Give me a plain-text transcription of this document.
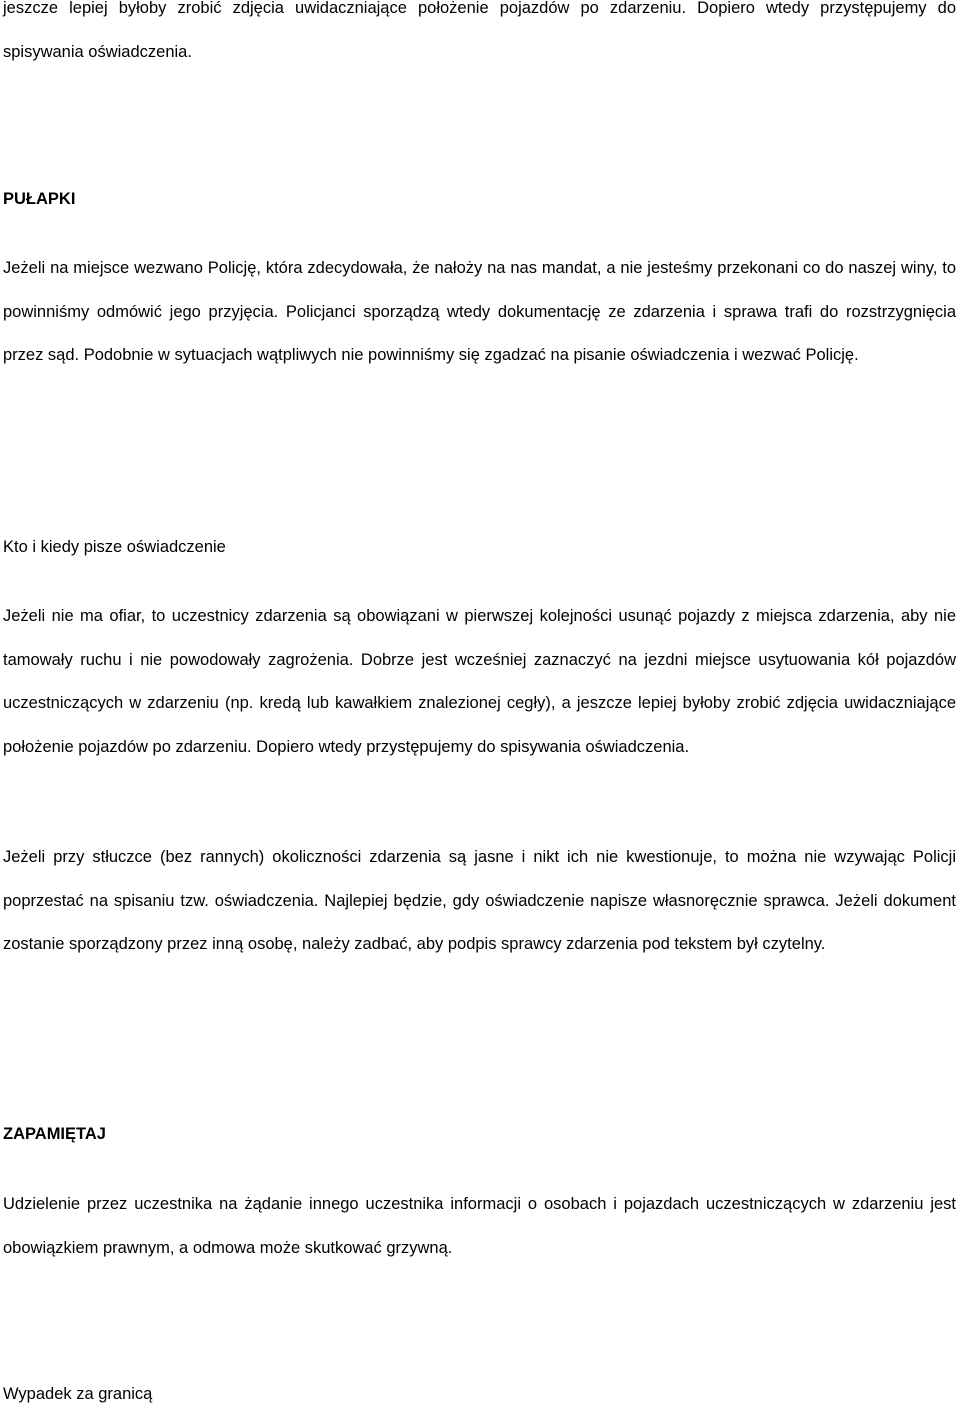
jeszcze lepiej byłoby zrobić zdjęcia uwidaczniające położenie pojazdów po zdarzeniu. Dopiero wtedy przystępujemy do spisywania oświadczenia.

PUŁAPKI

Jeżeli na miejsce wezwano Policję, która zdecydowała, że nałoży na nas mandat, a nie jesteśmy przekonani co do naszej winy, to powinniśmy odmówić jego przyjęcia. Policjanci sporządzą wtedy dokumentację ze zdarzenia i sprawa trafi do rozstrzygnięcia przez sąd. Podobnie w sytuacjach wątpliwych nie powinniśmy się zgadzać na pisanie oświadczenia i wezwać Policję.

Kto i kiedy pisze oświadczenie

Jeżeli nie ma ofiar, to uczestnicy zdarzenia są obowiązani w pierwszej kolejności usunąć pojazdy z miejsca zdarzenia, aby nie tamowały ruchu i nie powodowały zagrożenia. Dobrze jest wcześniej zaznaczyć na jezdni miejsce usytuowania kół pojazdów uczestniczących w zdarzeniu (np. kredą lub kawałkiem znalezionej cegły), a jeszcze lepiej byłoby zrobić zdjęcia uwidaczniające położenie pojazdów po zdarzeniu. Dopiero wtedy przystępujemy do spisywania oświadczenia.

Jeżeli przy stłuczce (bez rannych) okoliczności zdarzenia są jasne i nikt ich nie kwestionuje, to można nie wzywając Policji poprzestać na spisaniu tzw. oświadczenia. Najlepiej będzie, gdy oświadczenie napisze własnoręcznie sprawca. Jeżeli dokument zostanie sporządzony przez inną osobę, należy zadbać, aby podpis sprawcy zdarzenia pod tekstem był czytelny.

ZAPAMIĘTAJ

Udzielenie przez uczestnika na żądanie innego uczestnika informacji o osobach i pojazdach uczestniczących w zdarzeniu jest obowiązkiem prawnym, a odmowa może skutkować grzywną.

Wypadek za granicą
